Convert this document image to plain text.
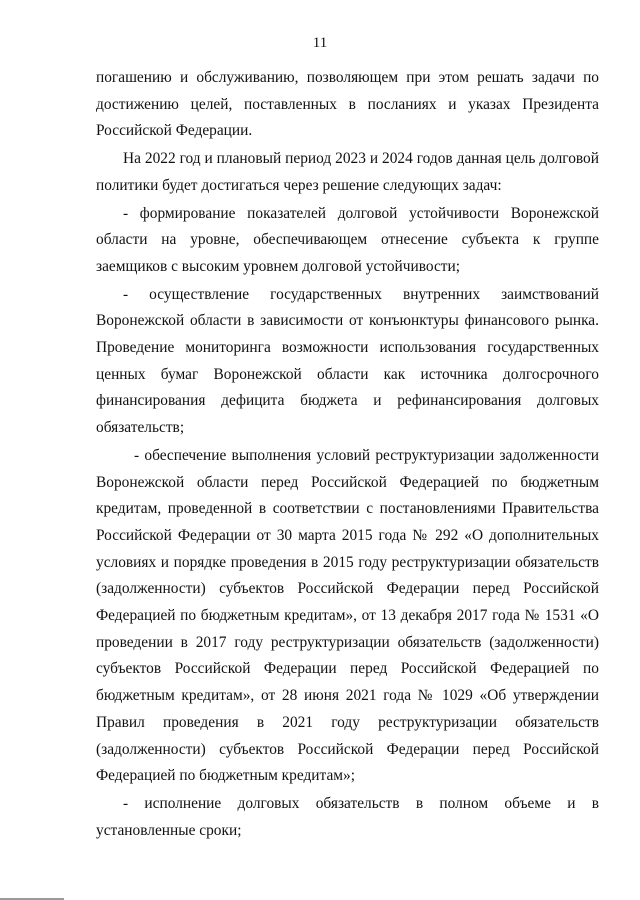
11

погашению и обслуживанию, позволяющем при этом решать задачи по достижению целей, поставленных в посланиях и указах Президента Российской Федерации.

На 2022 год и плановый период 2023 и 2024 годов данная цель долговой политики будет достигаться через решение следующих задач:

- формирование показателей долговой устойчивости Воронежской области на уровне, обеспечивающем отнесение субъекта к группе заемщиков с высоким уровнем долговой устойчивости;

- осуществление государственных внутренних заимствований Воронежской области в зависимости от конъюнктуры финансового рынка. Проведение мониторинга возможности использования государственных ценных бумаг Воронежской области как источника долгосрочного финансирования дефицита бюджета и рефинансирования долговых обязательств;

- обеспечение выполнения условий реструктуризации задолженности Воронежской области перед Российской Федерацией по бюджетным кредитам, проведенной в соответствии с постановлениями Правительства Российской Федерации от 30 марта 2015 года № 292 «О дополнительных условиях и порядке проведения в 2015 году реструктуризации обязательств (задолженности) субъектов Российской Федерации перед Российской Федерацией по бюджетным кредитам», от 13 декабря 2017 года № 1531 «О проведении в 2017 году реструктуризации обязательств (задолженности) субъектов Российской Федерации перед Российской Федерацией по бюджетным кредитам», от 28 июня 2021 года № 1029 «Об утверждении Правил проведения в 2021 году реструктуризации обязательств (задолженности) субъектов Российской Федерации перед Российской Федерацией по бюджетным кредитам»;

- исполнение долговых обязательств в полном объеме и в установленные сроки;
